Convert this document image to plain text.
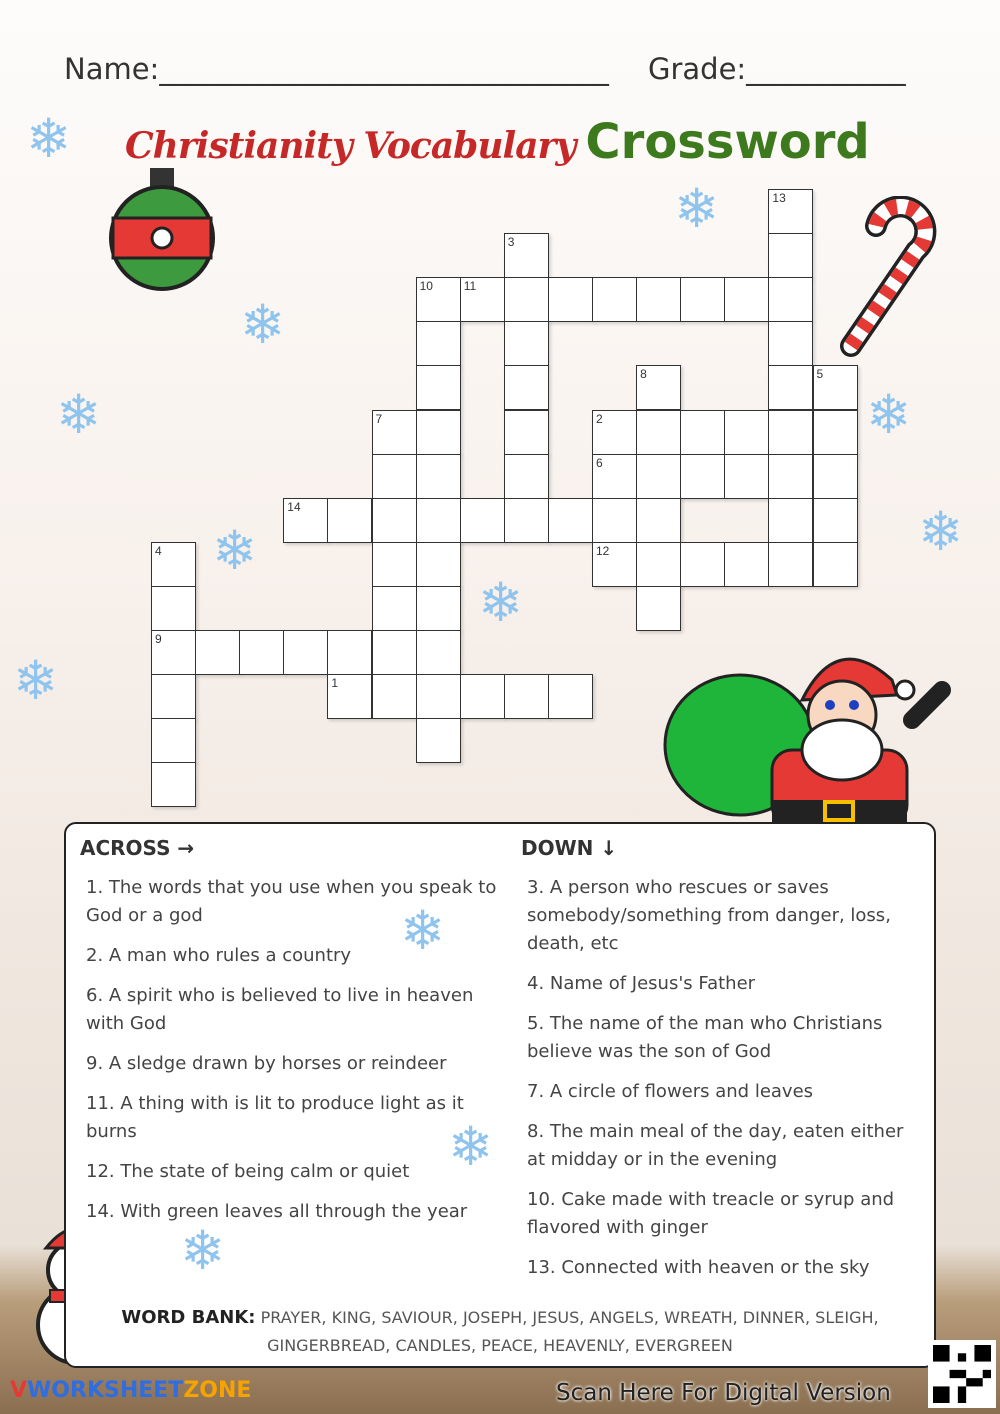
Name:_______________________________ Grade:___________
Christianity Vocabulary Crossword
❄
❄
❄
❄
❄
❄
❄
❄
❄
13
3
10	11
8	5
7	2
6
14
4	12
9
1
ACROSS →	DOWN ↓
1. The words that you use when you speak to God or a god
2. A man who rules a country
6. A spirit who is believed to live in heaven with God
9. A sledge drawn by horses or reindeer
11. A thing with is lit to produce light as it burns
12. The state of being calm or quiet
14. With green leaves all through the year
3. A person who rescues or saves somebody/something from danger, loss, death, etc
4. Name of Jesus's Father
5. The name of the man who Christians believe was the son of God
7. A circle of flowers and leaves
8. The main meal of the day, eaten either at midday or in the evening
10. Cake made with treacle or syrup and flavored with ginger
13. Connected with heaven or the sky
❄
❄
❄
WORD BANK: PRAYER, KING, SAVIOUR, JOSEPH, JESUS, ANGELS, WREATH, DINNER, SLEIGH, GINGERBREAD, CANDLES, PEACE, HEAVENLY, EVERGREEN
VWORKSHEETZONE	Scan Here For Digital Version
